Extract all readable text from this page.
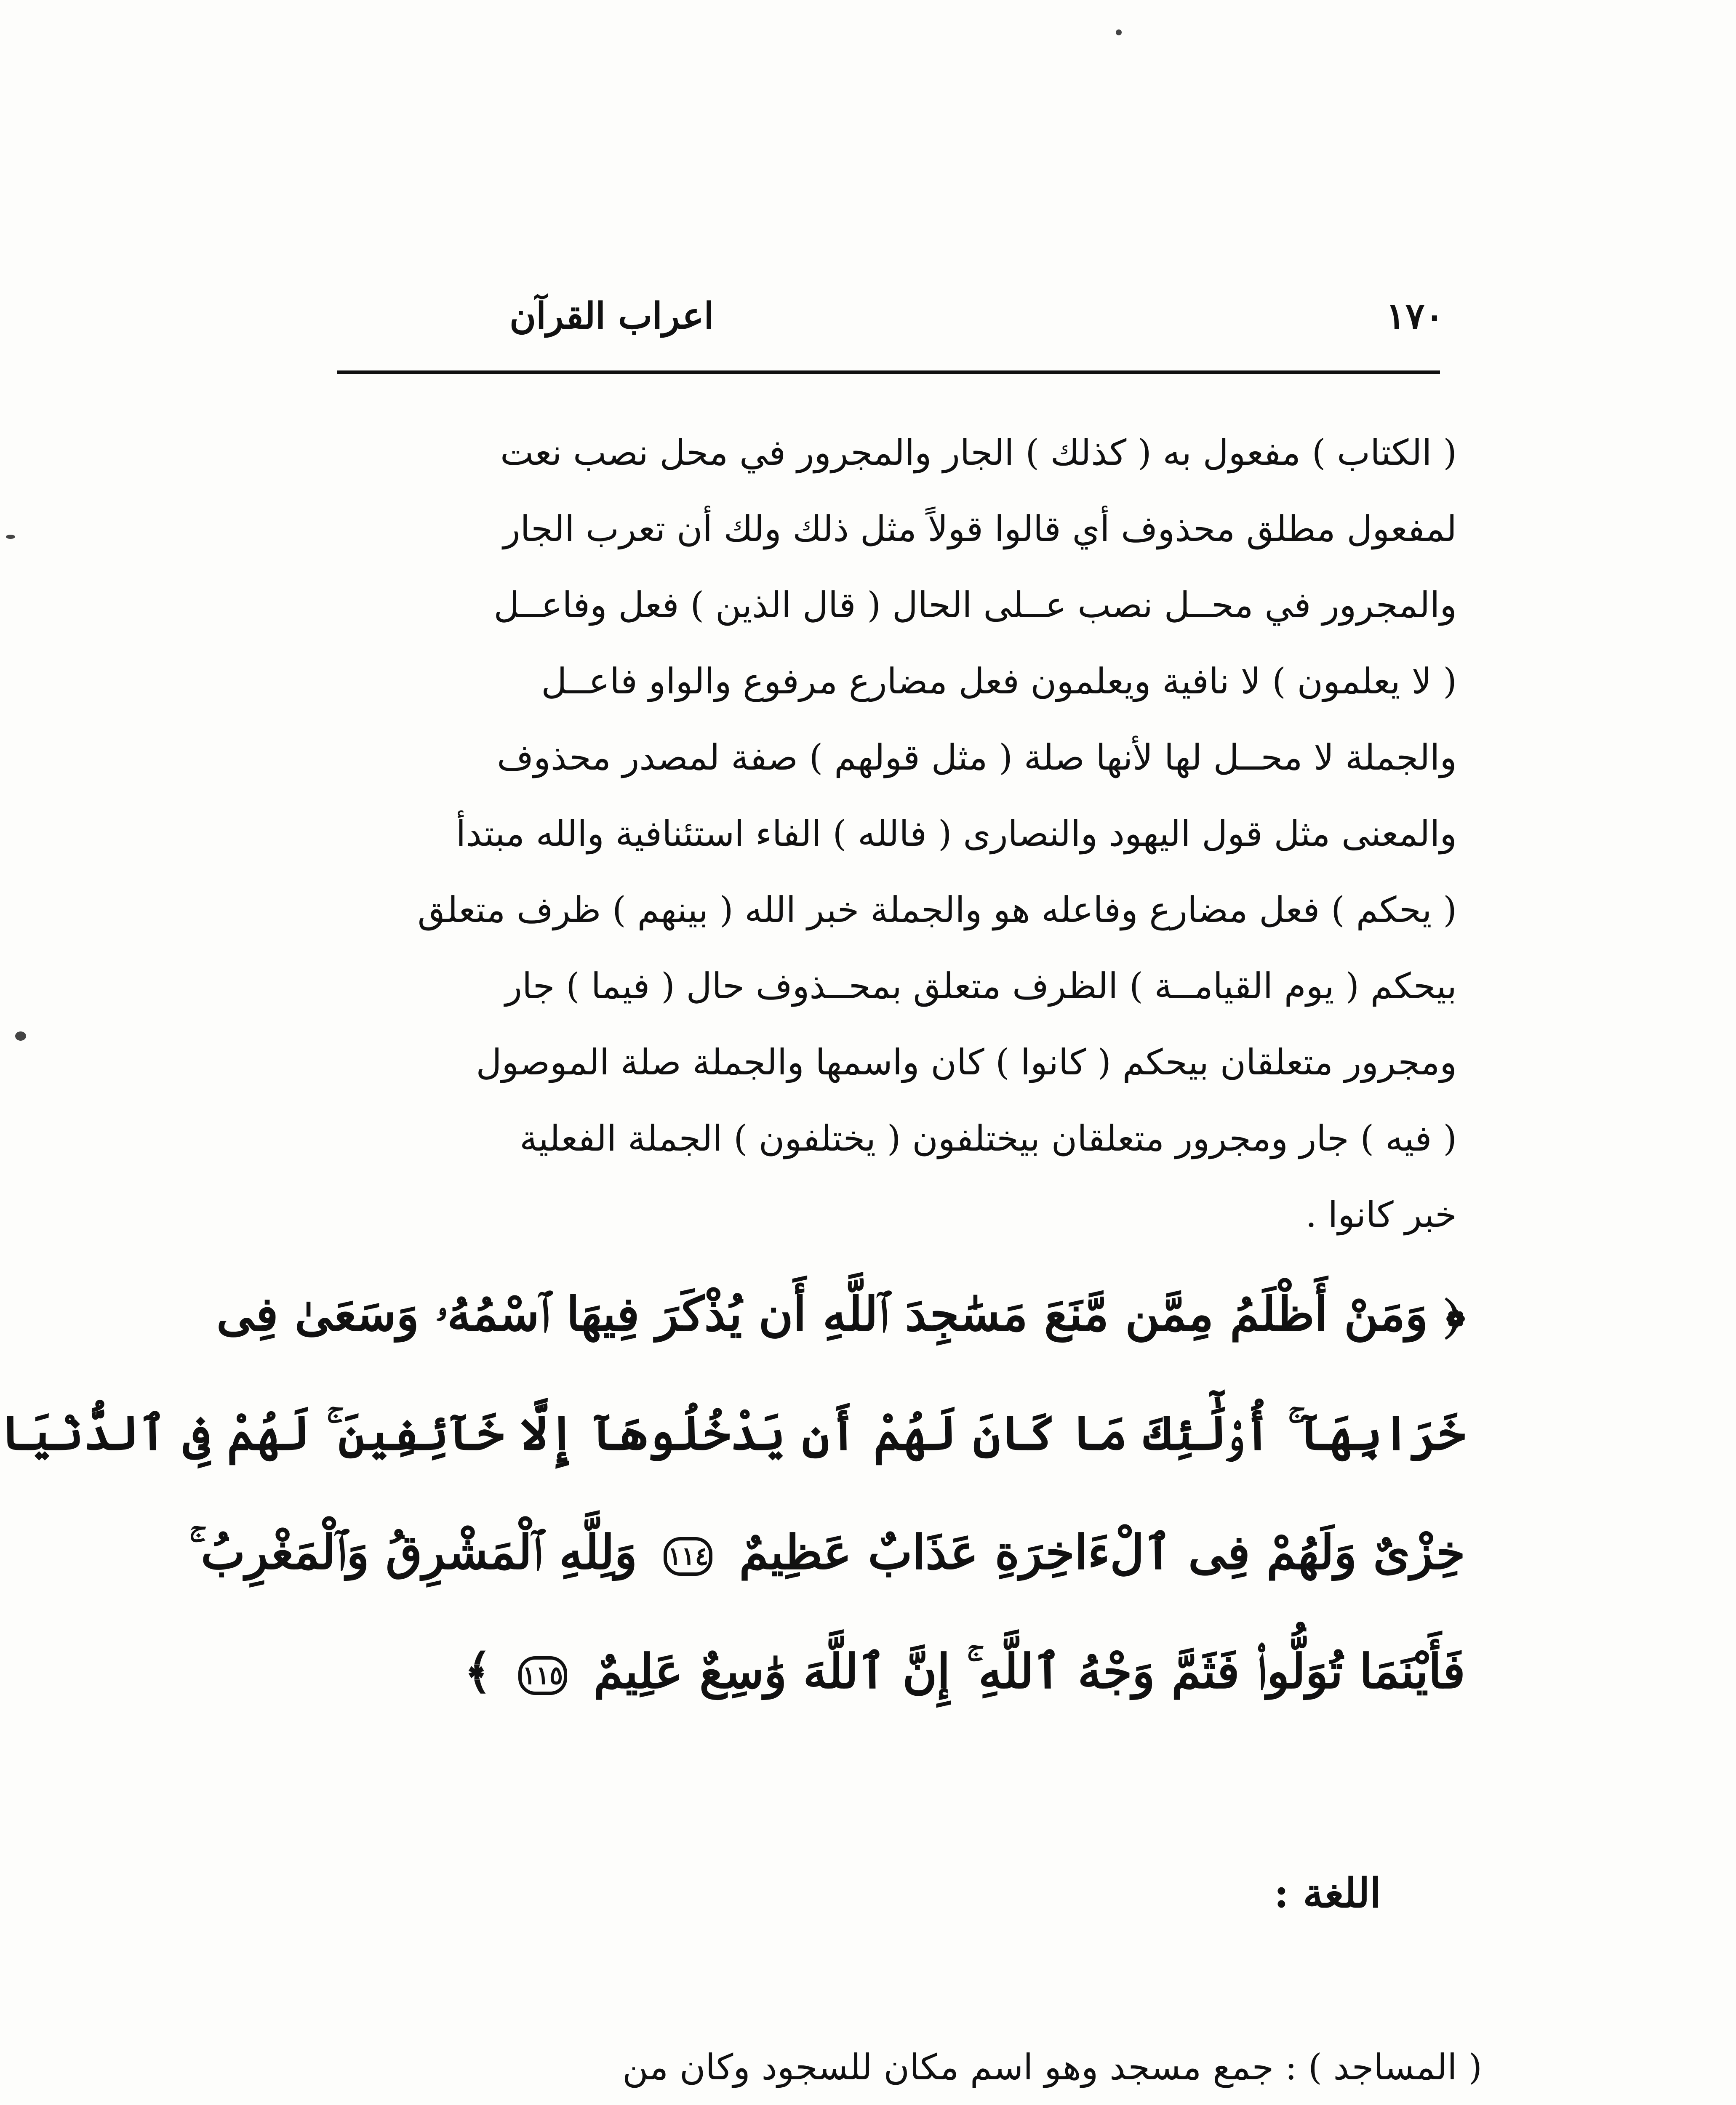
١٧٠
اعراب القرآن
( الكتاب ) مفعول به ( كذلك ) الجار والمجرور في محل نصب نعت
لمفعول مطلق محذوف أي قالوا قولاً مثل ذلك ولك أن تعرب الجار
والمجرور في محــل نصب عــلى الحال ( قال الذين ) فعل وفاعــل
( لا يعلمون ) لا نافية ويعلمون فعل مضارع مرفوع والواو فاعــل
والجملة لا محــل لها لأنها صلة ( مثل قولهم ) صفة لمصدر محذوف
والمعنى مثل قول اليهود والنصارى ( فالله ) الفاء استئنافية والله مبتدأ
( يحكم ) فعل مضارع وفاعله هو والجملة خبر الله ( بينهم ) ظرف متعلق
بيحكم ( يوم القيامــة ) الظرف متعلق بمحــذوف حال ( فيما ) جار
ومجرور متعلقان بيحكم ( كانوا ) كان واسمها والجملة صلة الموصول
( فيه ) جار ومجرور متعلقان بيختلفون ( يختلفون ) الجملة الفعلية
خبر كانوا .
﴿ وَمَنْ أَظْلَمُ مِمَّن مَّنَعَ مَسَٰجِدَ ٱللَّهِ أَن يُذْكَرَ فِيهَا ٱسْمُهُۥ وَسَعَىٰ فِى
خَرَابِهَآ ۚ أُو۟لَٰٓئِكَ مَا كَانَ لَهُمْ أَن يَدْخُلُوهَآ إِلَّا خَآئِفِينَ ۚ لَهُمْ فِى ٱلدُّنْيَا
خِزْىٌ وَلَهُمْ فِى ٱلْءَاخِرَةِ عَذَابٌ عَظِيمٌ ١١٤ وَلِلَّهِ ٱلْمَشْرِقُ وَٱلْمَغْرِبُ ۚ
فَأَيْنَمَا تُوَلُّوا۟ فَثَمَّ وَجْهُ ٱللَّهِ ۚ إِنَّ ٱللَّهَ وَٰسِعٌ عَلِيمٌ ١١٥ ﴾
اللغة :
( المساجد ) : جمع مسجد وهو اسم مكان للسجود وكان من
